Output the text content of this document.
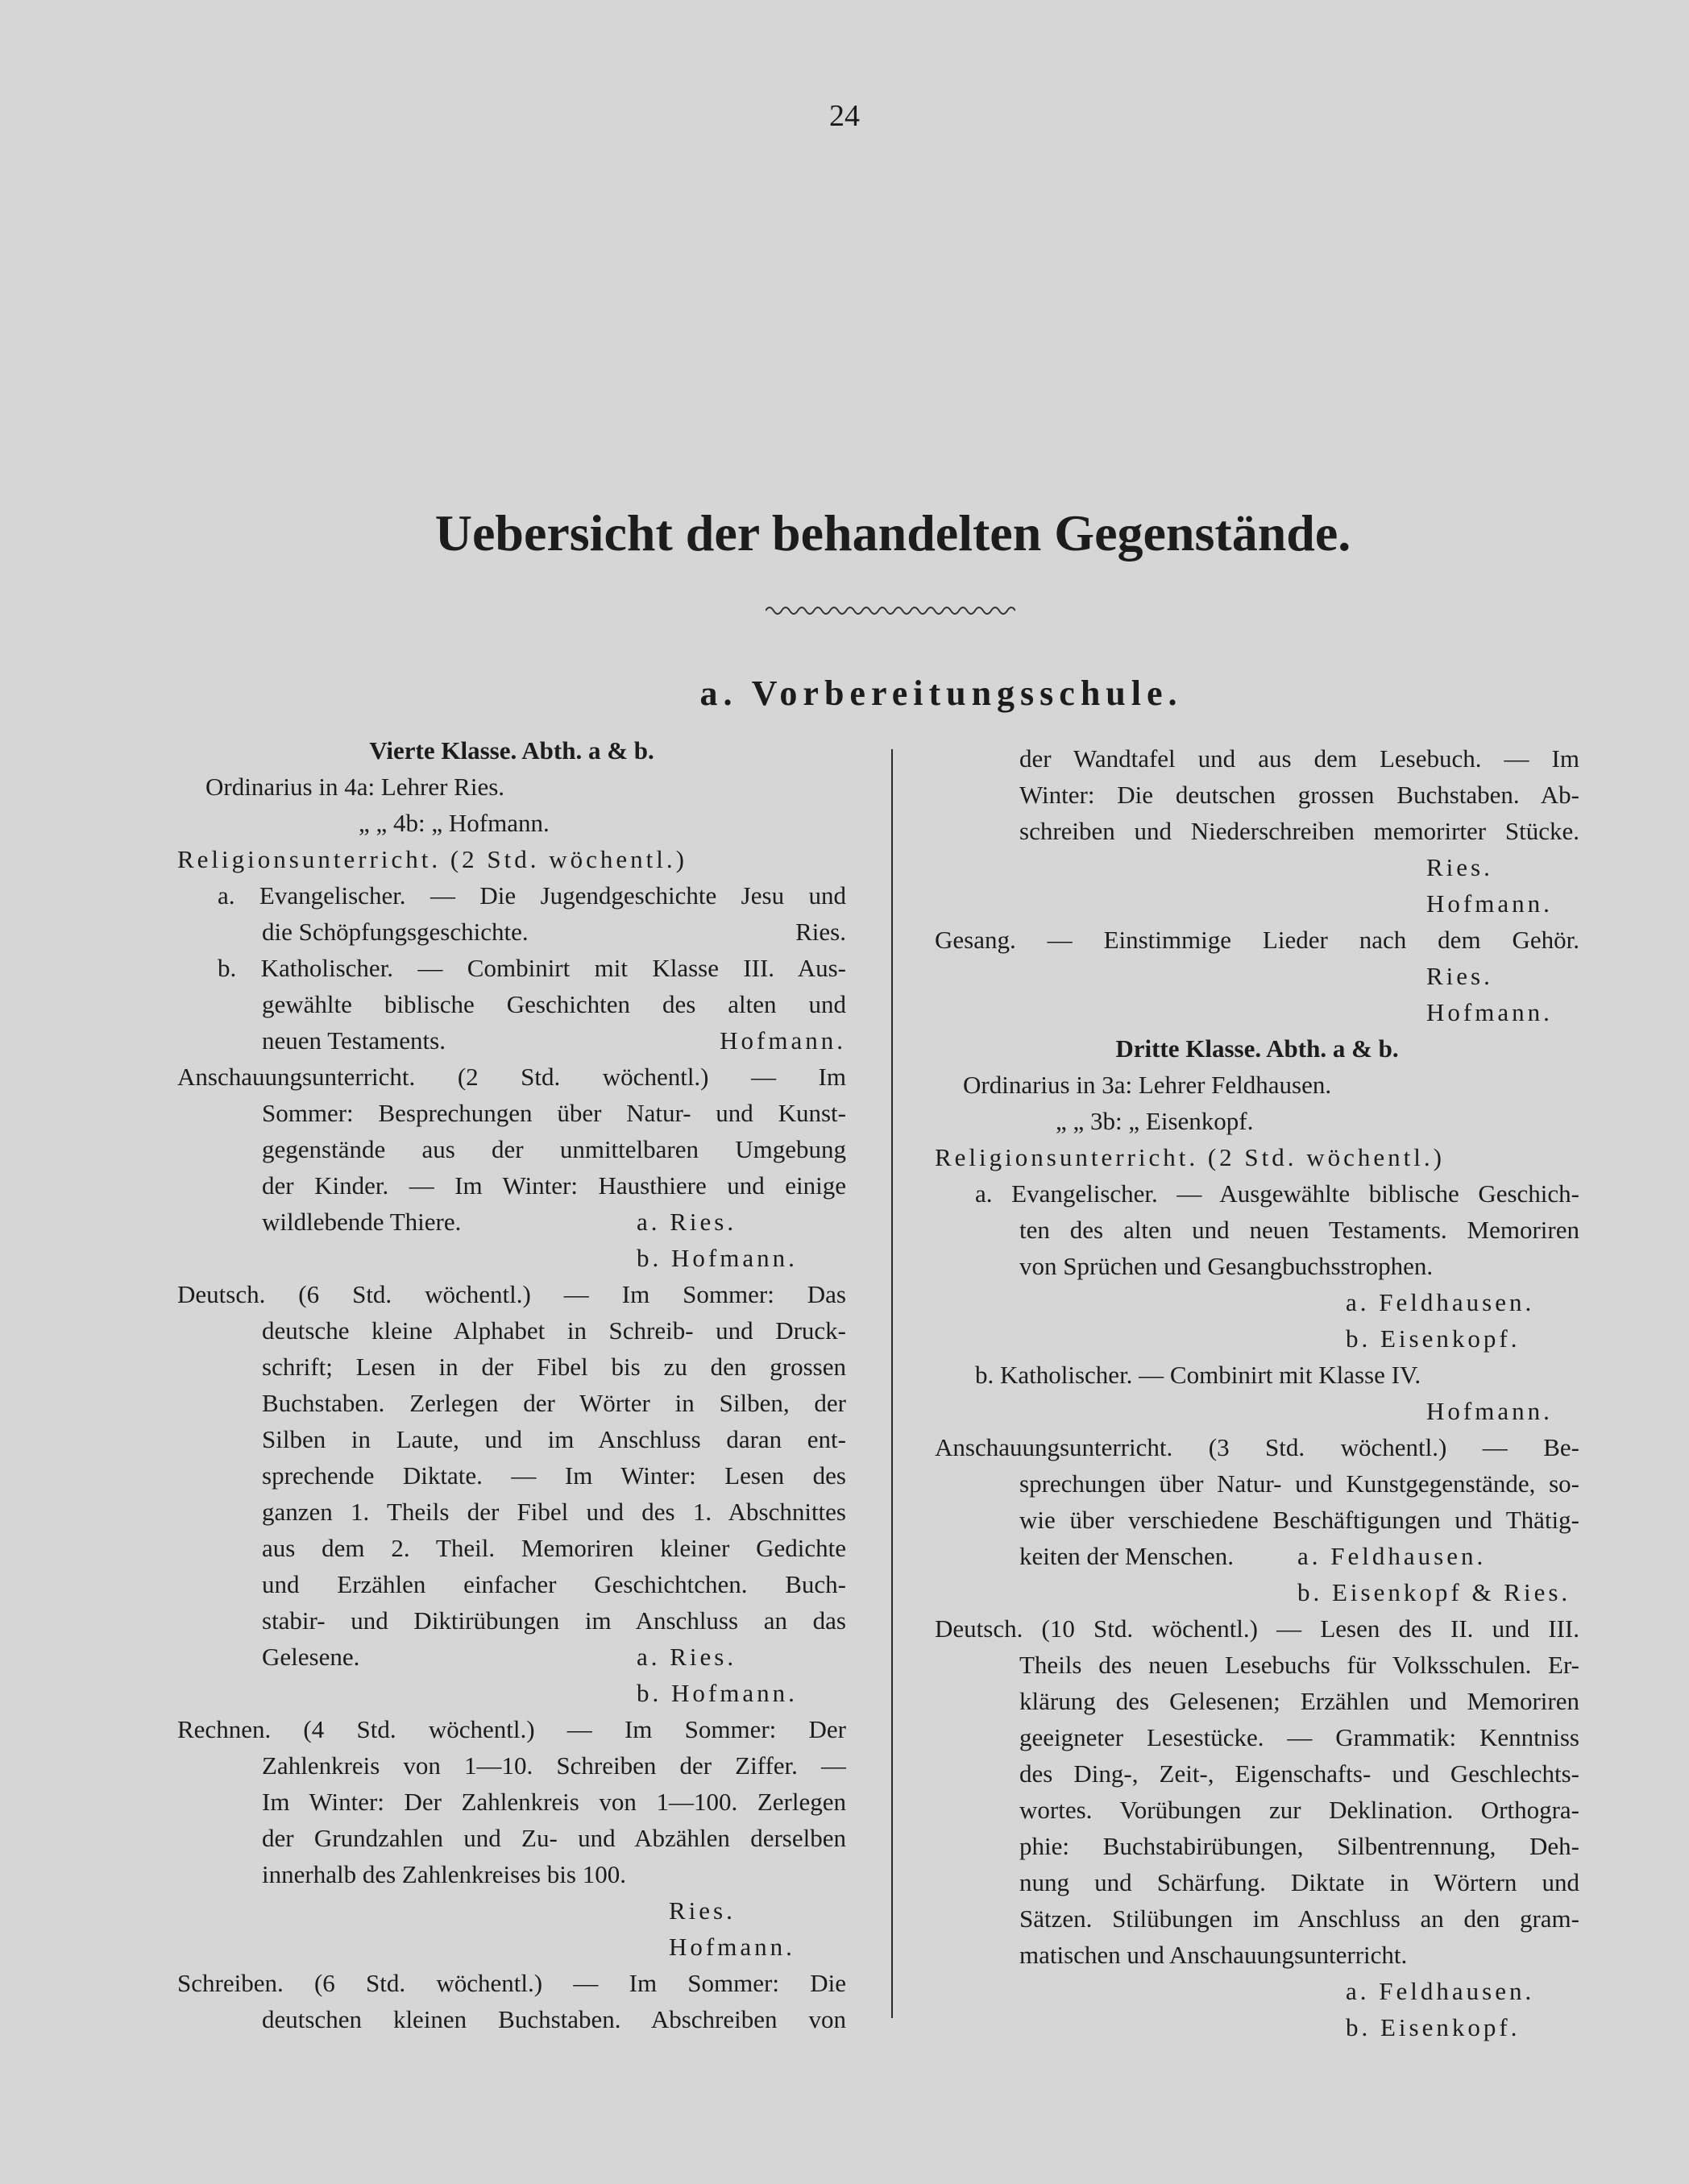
24
Uebersicht der behandelten Gegenstände.
a. Vorbereitungsschule.
Vierte Klasse. Abth. a & b.
Ordinarius in 4a: Lehrer Ries.
„ „ 4b: „ Hofmann.
Religionsunterricht. (2 Std. wöchentl.)
a. Evangelischer. — Die Jugendgeschichte Jesu und
die Schöpfungsgeschichte.	Ries.
b. Katholischer. — Combinirt mit Klasse III. Aus-
gewählte biblische Geschichten des alten und
neuen Testaments.	Hofmann.
Anschauungsunterricht. (2 Std. wöchentl.) — Im
Sommer: Besprechungen über Natur- und Kunst-
gegenstände aus der unmittelbaren Umgebung
der Kinder. — Im Winter: Hausthiere und einige
wildlebende Thiere.	a. Ries.
b. Hofmann.
Deutsch. (6 Std. wöchentl.) — Im Sommer: Das
deutsche kleine Alphabet in Schreib- und Druck-
schrift; Lesen in der Fibel bis zu den grossen
Buchstaben. Zerlegen der Wörter in Silben, der
Silben in Laute, und im Anschluss daran ent-
sprechende Diktate. — Im Winter: Lesen des
ganzen 1. Theils der Fibel und des 1. Abschnittes
aus dem 2. Theil. Memoriren kleiner Gedichte
und Erzählen einfacher Geschichtchen. Buch-
stabir- und Diktirübungen im Anschluss an das
Gelesene.	a. Ries.
b. Hofmann.
Rechnen. (4 Std. wöchentl.) — Im Sommer: Der
Zahlenkreis von 1—10. Schreiben der Ziffer. —
Im Winter: Der Zahlenkreis von 1—100. Zerlegen
der Grundzahlen und Zu- und Abzählen derselben
innerhalb des Zahlenkreises bis 100.
Ries.
Hofmann.
Schreiben. (6 Std. wöchentl.) — Im Sommer: Die
deutschen kleinen Buchstaben. Abschreiben von
der Wandtafel und aus dem Lesebuch. — Im
Winter: Die deutschen grossen Buchstaben. Ab-
schreiben und Niederschreiben memorirter Stücke.
Ries.
Hofmann.
Gesang. — Einstimmige Lieder nach dem Gehör.
Ries.
Hofmann.
Dritte Klasse. Abth. a & b.
Ordinarius in 3a: Lehrer Feldhausen.
„ „ 3b: „ Eisenkopf.
Religionsunterricht. (2 Std. wöchentl.)
a. Evangelischer. — Ausgewählte biblische Geschich-
ten des alten und neuen Testaments. Memoriren
von Sprüchen und Gesangbuchsstrophen.
a. Feldhausen.
b. Eisenkopf.
b. Katholischer. — Combinirt mit Klasse IV.
Hofmann.
Anschauungsunterricht. (3 Std. wöchentl.) — Be-
sprechungen über Natur- und Kunstgegenstände, so-
wie über verschiedene Beschäftigungen und Thätig-
keiten der Menschen.	a. Feldhausen.
b. Eisenkopf & Ries.
Deutsch. (10 Std. wöchentl.) — Lesen des II. und III.
Theils des neuen Lesebuchs für Volksschulen. Er-
klärung des Gelesenen; Erzählen und Memoriren
geeigneter Lesestücke. — Grammatik: Kenntniss
des Ding-, Zeit-, Eigenschafts- und Geschlechts-
wortes. Vorübungen zur Deklination. Orthogra-
phie: Buchstabirübungen, Silbentrennung, Deh-
nung und Schärfung. Diktate in Wörtern und
Sätzen. Stilübungen im Anschluss an den gram-
matischen und Anschauungsunterricht.
a. Feldhausen.
b. Eisenkopf.
